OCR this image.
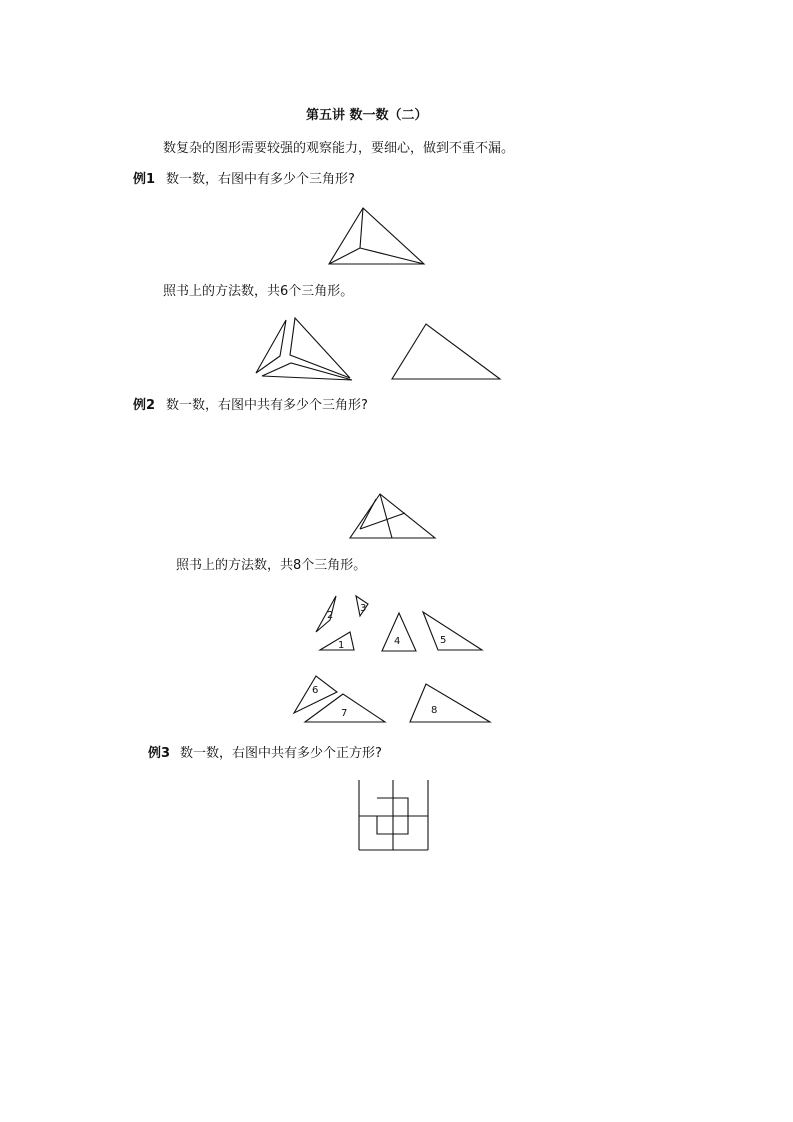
第五讲 数一数（二）
数复杂的图形需要较强的观察能力，要细心，做到不重不漏。
例1 数一数，右图中有多少个三角形?
照书上的方法数，共6个三角形。
例2 数一数，右图中共有多少个三角形?
照书上的方法数，共8个三角形。
例3 数一数，右图中共有多少个正方形?
2
3
1	4	5
6
7	8
